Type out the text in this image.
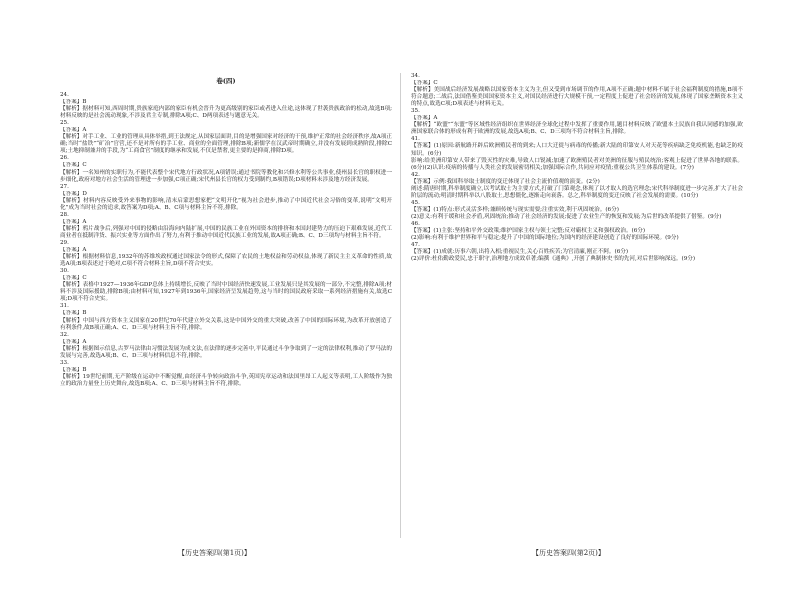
卷(四)
24.
【答案】B
【解析】据材料可知,西周时期,贵族家庭内部的家臣有机会晋升为更高级别的家臣或者进入仕途,这体现了世袭贵族政治的松动,故选B项;材料反映的是社会流动现象,不涉及君主专制,排除A项;C、D两项表述与题意无关。
25.
【答案】A
【解析】对手工业、工业的管理从具体举措,到王法规定,从国家层面讲,目的是增强国家对经济的干预,维护正常的社会经济秩序,故A项正确;当时“盐铁”“矿冶”官营,还不是对所有的手工业、商业的全面管理,排除B项;新儒学在汉武帝时期确立,并没有发展到成熟阶段,排除C项;土地抑制兼并的手段,为“工商食官”制度的继承和发展,不仅是禁奢,更主要的是抑商,排除D项。
26.
【答案】C
【解析】一名知州的实职行为,不能代表整个宋代地方行政状况,A项错误;通过书院等教化和兴修水利等公共事业,使州县长官的职权进一步细化,政府对地方社会生活的管理进一步加强,C项正确;宋代州县长官的权力受到制约,B项错误;D项材料未涉及地方经济发展。
27.
【答案】D
【解析】材料内容反映受外来事物的影响,清末启蒙思想家把“文明开化”视为社会进步,推动了中国近代社会习俗的变革,说明“文明开化”成为当时社会的追求,故答案为D项;A、B、C项与材料主旨不符,排除。
28.
【答案】A
【解析】鸦片战争后,列强对中国的侵略由沿海向内陆扩展,中国的民族工业在外国资本的排挤和本国封建势力的压迫下艰难发展,近代工商业者在抵制洋货、振兴实业等方面作出了努力,有利于推动中国近代民族工业的发展,故A项正确;B、C、D三项均与材料主旨不符。
29.
【答案】A
【解析】根据材料信息,1932年的苏维埃政权通过国家法令的形式,保障了农民的土地权益和劳动权益,体现了新民主主义革命的性质,故选A项;B项表述过于绝对,C项不符合材料主旨,D项不符合史实。
30.
【答案】C
【解析】表格中1927—1936年GDP总体上持续增长,反映了当时中国经济快速发展,工业发展只是其发展的一部分,不完整,排除A项;材料不涉及国际援助,排除B项;由材料可知,1927年到1936年,国家经济呈发展趋势,这与当时的国民政府采取一系列经济措施有关,故选C项;D项不符合史实。
31.
【答案】B
【解析】中国与西方资本主义国家在20世纪70年代建立外交关系,这是中国外交的重大突破,改善了中国的国际环境,为改革开放创造了有利条件,故B项正确;A、C、D三项与材料主旨不符,排除。
32.
【答案】A
【解析】根据图示信息,古罗马法律由习惯法发展为成文法,在法律的逐步完善中,平民通过斗争争取到了一定的法律权利,推动了罗马法的发展与完善,故选A项;B、C、D三项与材料信息不符,排除。
33.
【答案】B
【解析】19世纪前期,无产阶级在运动中不断觉醒,由经济斗争转向政治斗争,英国宪章运动和法国里昂工人起义等表明,工人阶级作为独立的政治力量登上历史舞台,故选B项;A、C、D三项与材料主旨不符,排除。
34.
【答案】C
【解析】美国战后经济发展战略以国家资本主义为主,但又受到市场调节的作用,A项不正确;题中材料不属于社会福利制度的措施,B项不符合题意;二战后,法国借鉴美国国家资本主义,对国民经济进行大规模干预,一定程度上促进了社会经济的发展,体现了国家垄断资本主义的特点,故选C项;D项表述与材料无关。
35.
【答案】A
【解析】“欧盟”“东盟”等区域性经济组织在世界经济全球化过程中发挥了重要作用,题目材料反映了欧盟本土民族自我认同感的加强,欧洲国家联合体的形成有利于欧洲的发展,故选A项;B、C、D三项均不符合材料主旨,排除。
41.
【答案】(1)原因:新航路开辟后欧洲殖民者的到来;人口大迁徙与病毒的传播;新大陆的印第安人对天花等疾病缺乏免疫机能,也缺乏防疫知识。(6分)
影响:给美洲印第安人带来了毁灭性的灾难,导致人口锐减;加速了欧洲殖民者对美洲的征服与殖民统治;客观上促进了世界各地的联系。(6分)(2)认识:疫病的传播与人类社会的发展密切相关;加强国际合作,共同应对疫情;重视公共卫生体系的建设。(7分)
42.
【答案】示例:我国科举取士制度的变迁体现了社会主流价值观的演变。(2分)
阐述:隋唐时期,科举制度确立,以考试取士为主要方式,打破了门第观念,体现了以才取人的选官理念;宋代科举制度进一步完善,扩大了社会阶层的流动;明清时期科举以八股取士,思想僵化,逐渐走向衰落。总之,科举制度的变迁反映了社会发展的需要。(10分)
45.
【答案】(1)特点:形式灵活多样;兼顾传统与现实需要;注重实效,利于巩固统治。(6分)
(2)意义:有利于缓和社会矛盾,巩固统治;推动了社会经济的发展;促进了农业生产的恢复和发展;为后世的改革提供了借鉴。(9分)
46.
【答案】(1)主张:坚持和平外交政策;维护国家主权与领土完整;反对霸权主义和强权政治。(6分)
(2)影响:有利于维护世界和平与稳定;提升了中国的国际地位;为国内的经济建设创造了良好的国际环境。(9分)
47.
【答案】(1)成就:历事六朝,出将入相;重视民生,关心百姓疾苦;为官清廉,刚正不阿。(6分)
(2)评价:杜佑勤政爱民,忠于职守,治理地方成效卓著;编撰《通典》,开创了典制体史书的先河,对后世影响深远。(9分)
【历史答案四(第1页)】	【历史答案四(第2页)】
